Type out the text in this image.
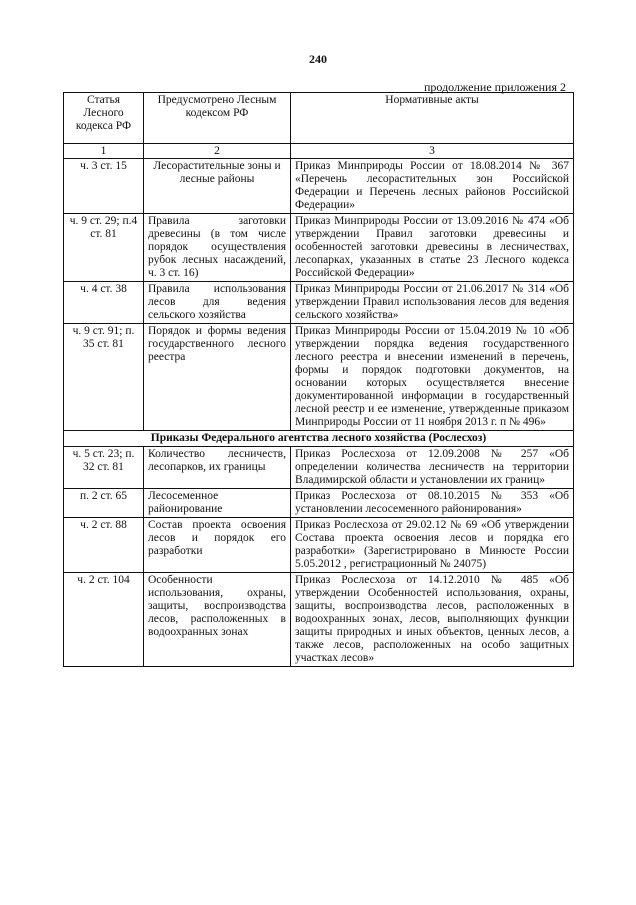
240
продолжение приложения 2
Статья Лесного кодекса РФ	Предусмотрено Лесным кодексом РФ	Нормативные акты
1	2	3
ч. 3 ст. 15	Лесорастительные зоны и лесные районы	Приказ Минприроды России от 18.08.2014 № 367 «Перечень лесорастительных зон Российской Федерации и Перечень лесных районов Российской Федерации»
ч. 9 ст. 29; п.4 ст. 81	Правила заготовки древесины (в том числе порядок осуществления рубок лесных насаждений, ч. 3 ст. 16)	Приказ Минприроды России от 13.09.2016 № 474 «Об утверждении Правил заготовки древесины и особенностей заготовки древесины в лесничествах, лесопарках, указанных в статье 23 Лесного кодекса Российской Федерации»
ч. 4 ст. 38	Правила использования лесов для ведения сельского хозяйства	Приказ Минприроды России от 21.06.2017 № 314 «Об утверждении Правил использования лесов для ведения сельского хозяйства»
ч. 9 ст. 91; п. 35 ст. 81	Порядок и формы ведения государственного лесного реестра	Приказ Минприроды России от 15.04.2019 № 10 «Об утверждении порядка ведения государственного лесного реестра и внесении изменений в перечень, формы и порядок подготовки документов, на основании которых осуществляется внесение документированной информации в государственный лесной реестр и ее изменение, утвержденные приказом Минприроды России от 11 ноября 2013 г. п № 496»
Приказы Федерального агентства лесного хозяйства (Рослесхоз)		
ч. 5 ст. 23; п. 32 ст. 81	Количество лесничеств, лесопарков, их границы	Приказ Рослесхоза от 12.09.2008 № 257 «Об определении количества лесничеств на территории Владимирской области и установлении их границ»
п. 2 ст. 65	Лесосеменное районирование	Приказ Рослесхоза от 08.10.2015 № 353 «Об установлении лесосеменного районирования»
ч. 2 ст. 88	Состав проекта освоения лесов и порядок его разработки	Приказ Рослесхоза от 29.02.12 № 69 «Об утверждении Состава проекта освоения лесов и порядка его разработки» (Зарегистрировано в Минюсте России 5.05.2012 , регистрационный № 24075)
ч. 2 ст. 104	Особенности использования, охраны, защиты, воспроизводства лесов, расположенных в водоохранных зонах	Приказ Рослесхоза от 14.12.2010 № 485 «Об утверждении Особенностей использования, охраны, защиты, воспроизводства лесов, расположенных в водоохранных зонах, лесов, выполняющих функции защиты природных и иных объектов, ценных лесов, а также лесов, расположенных на особо защитных участках лесов»
